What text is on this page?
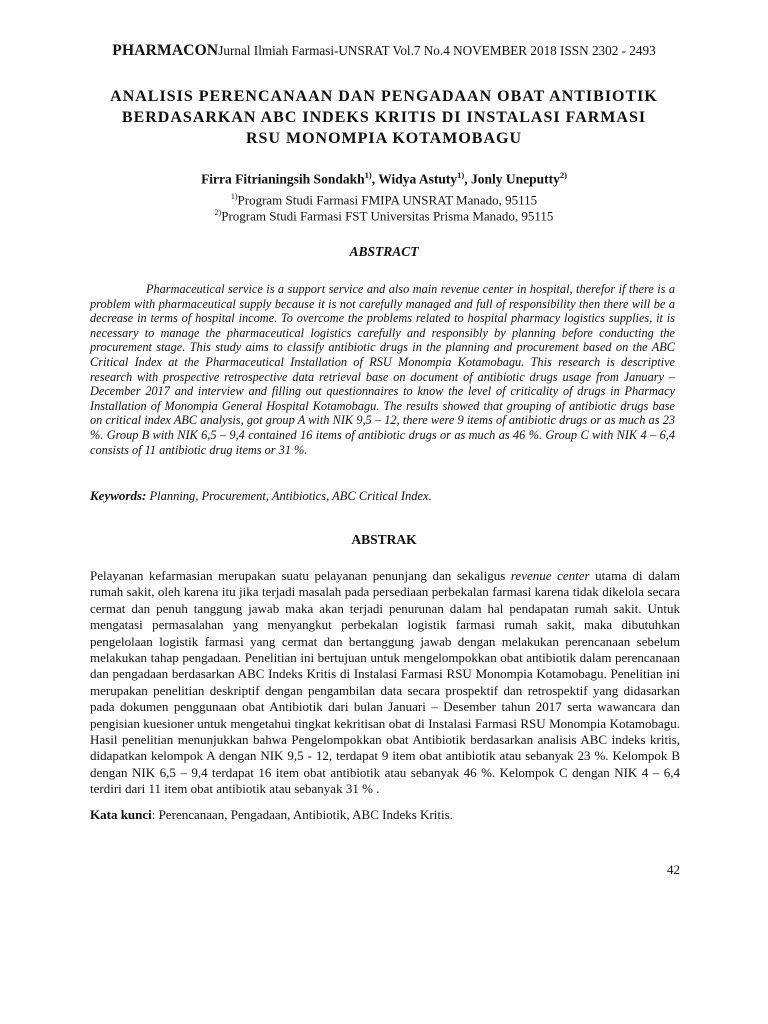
PHARMACONJurnal Ilmiah Farmasi-UNSRAT Vol.7 No.4 NOVEMBER 2018 ISSN 2302 - 2493
ANALISIS PERENCANAAN DAN PENGADAAN OBAT ANTIBIOTIK
BERDASARKAN ABC INDEKS KRITIS DI INSTALASI FARMASI
RSU MONOMPIA KOTAMOBAGU
Firra Fitrianingsih Sondakh$^{1)}$, Widya Astuty$^{1)}$, Jonly Uneputty$^{2)}$
$^{1)}$Program Studi Farmasi FMIPA UNSRAT Manado, 95115
$^{2)}$Program Studi Farmasi FST Universitas Prisma Manado, 95115
ABSTRACT

Pharmaceutical service is a support service and also main revenue center in hospital, therefor if there is a problem with pharmaceutical supply because it is not carefully managed and full of responsibility then there will be a decrease in terms of hospital income. To overcome the problems related to hospital pharmacy logistics supplies, it is necessary to manage the pharmaceutical logistics carefully and responsibly by planning before conducting the procurement stage. This study aims to classify antibiotic drugs in the planning and procurement based on the ABC Critical Index at the Pharmaceutical Installation of RSU Monompia Kotamobagu. This research is descriptive research with prospective retrospective data retrieval base on document of antibiotic drugs usage from January – December 2017 and interview and filling out questionnaires to know the level of criticality of drugs in Pharmacy Installation of Monompia General Hospital Kotamobagu. The results showed that grouping of antibiotic drugs base on critical index ABC analysis, got group A with NIK 9,5 – 12, there were 9 items of antibiotic drugs or as much as 23 %. Group B with NIK 6,5 – 9,4 contained 16 items of antibiotic drugs or as much as 46 %. Group C with NIK 4 – 6,4 consists of 11 antibiotic drug items or 31 %.

Keywords: Planning, Procurement, Antibiotics, ABC Critical Index.
ABSTRAK

Pelayanan kefarmasian merupakan suatu pelayanan penunjang dan sekaligus revenue center utama di dalam rumah sakit, oleh karena itu jika terjadi masalah pada persediaan perbekalan farmasi karena tidak dikelola secara cermat dan penuh tanggung jawab maka akan terjadi penurunan dalam hal pendapatan rumah sakit. Untuk mengatasi permasalahan yang menyangkut perbekalan logistik farmasi rumah sakit, maka dibutuhkan pengelolaan logistik farmasi yang cermat dan bertanggung jawab dengan melakukan perencanaan sebelum melakukan tahap pengadaan. Penelitian ini bertujuan untuk mengelompokkan obat antibiotik dalam perencanaan dan pengadaan berdasarkan ABC Indeks Kritis di Instalasi Farmasi RSU Monompia Kotamobagu. Penelitian ini merupakan penelitian deskriptif dengan pengambilan data secara prospektif dan retrospektif yang didasarkan pada dokumen penggunaan obat Antibiotik dari bulan Januari – Desember tahun 2017 serta wawancara dan pengisian kuesioner untuk mengetahui tingkat kekritisan obat di Instalasi Farmasi RSU Monompia Kotamobagu. Hasil penelitian menunjukkan bahwa Pengelompokkan obat Antibiotik berdasarkan analisis ABC indeks kritis, didapatkan kelompok A dengan NIK 9,5 - 12, terdapat 9 item obat antibiotik atau sebanyak 23 %. Kelompok B dengan NIK 6,5 – 9,4 terdapat 16 item obat antibiotik atau sebanyak 46 %. Kelompok C dengan NIK 4 – 6,4 terdiri dari 11 item obat antibiotik atau sebanyak 31 % .

Kata kunci: Perencanaan, Pengadaan, Antibiotik, ABC Indeks Kritis.
42
